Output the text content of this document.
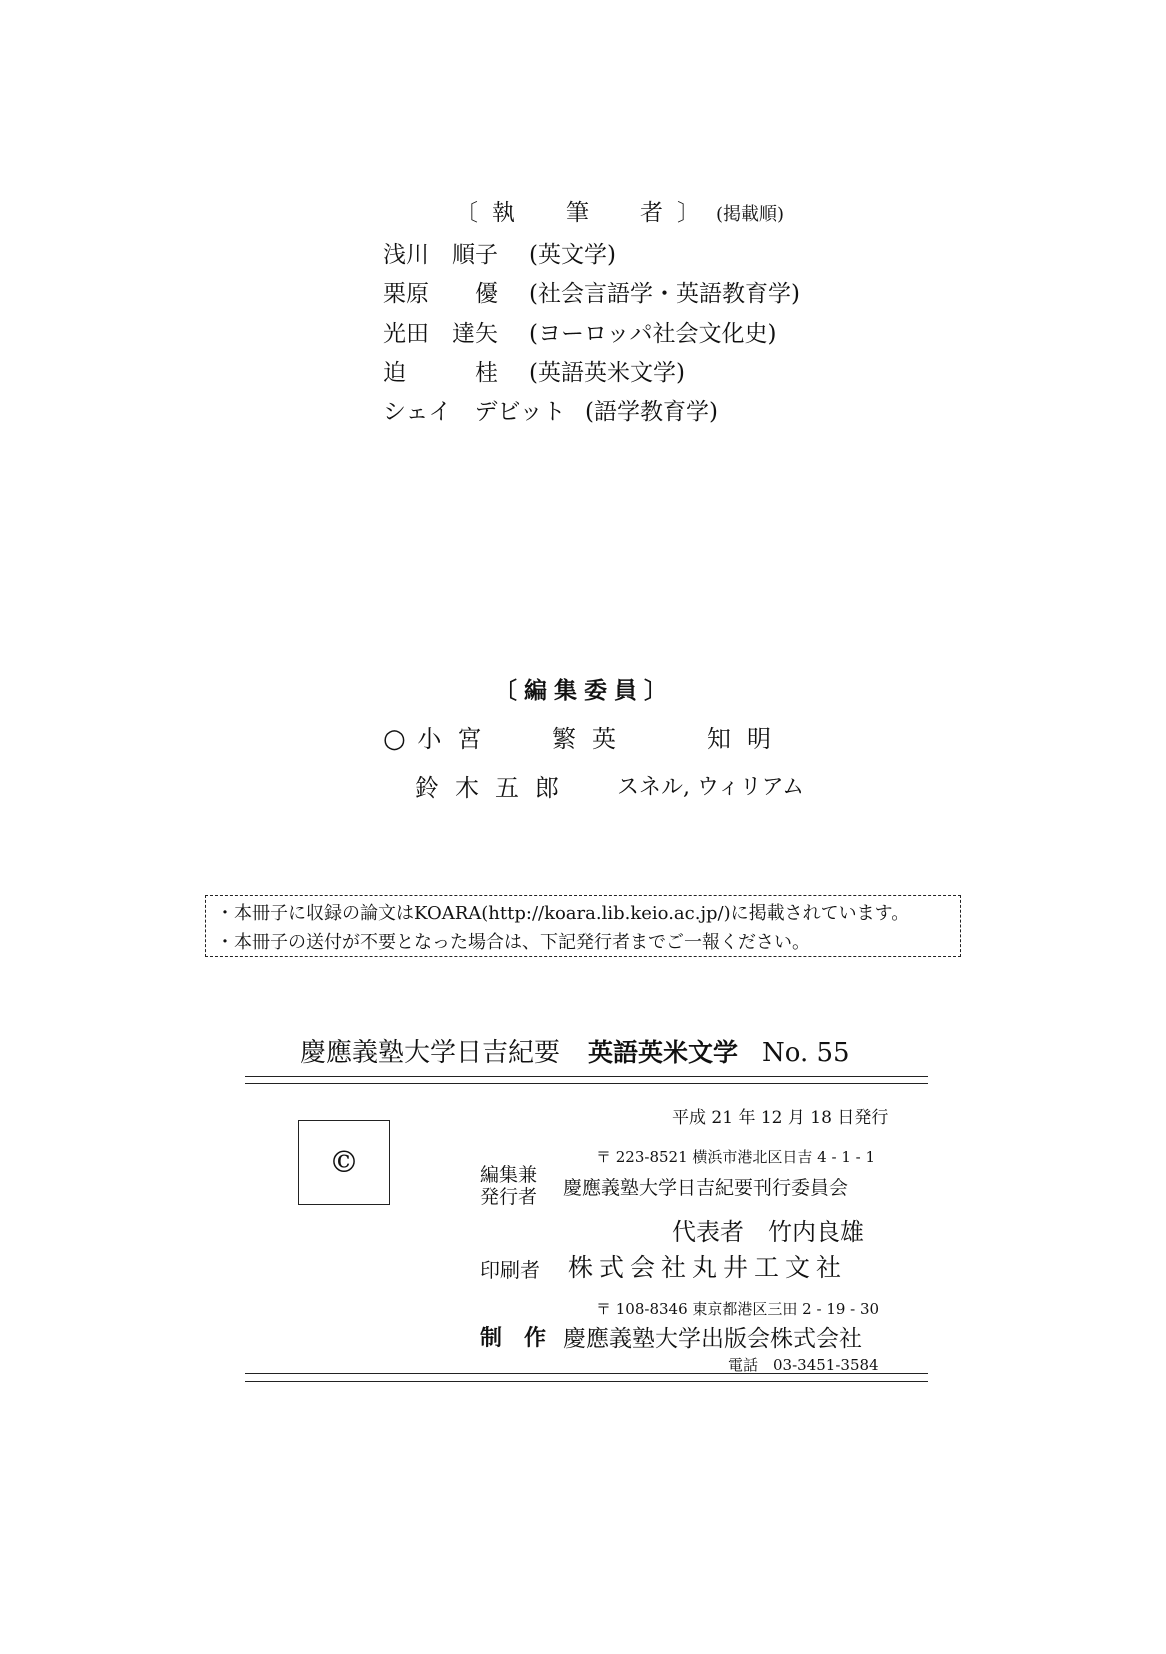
〔執　筆　者〕 (掲載順)
浅川　順子 (英文学)
栗原　　優 (社会言語学・英語教育学)
光田　達矢 (ヨーロッパ社会文化史)
迫　　　桂 (英語英米文学)
シェイ　デビット (語学教育学)
〔編集委員〕
○ 小宮 繁英	知明
鈴木五郎 スネル, ウィリアム
・本冊子に収録の論文はKOARA(http://koara.lib.keio.ac.jp/)に掲載されています。
・本冊子の送付が不要となった場合は、下記発行者までご一報ください。
慶應義塾大学日吉紀要 英語英米文学 No. 55
©
平成 21 年 12 月 18 日発行
〒 223-8521 横浜市港北区日吉 4 - 1 - 1
編集兼
発行者 慶應義塾大学日吉紀要刊行委員会
代表者　竹内良雄
印刷者 株式会社丸井工文社
〒 108-8346 東京都港区三田 2 - 19 - 30
制　作 慶應義塾大学出版会株式会社
電話　03-3451-3584
